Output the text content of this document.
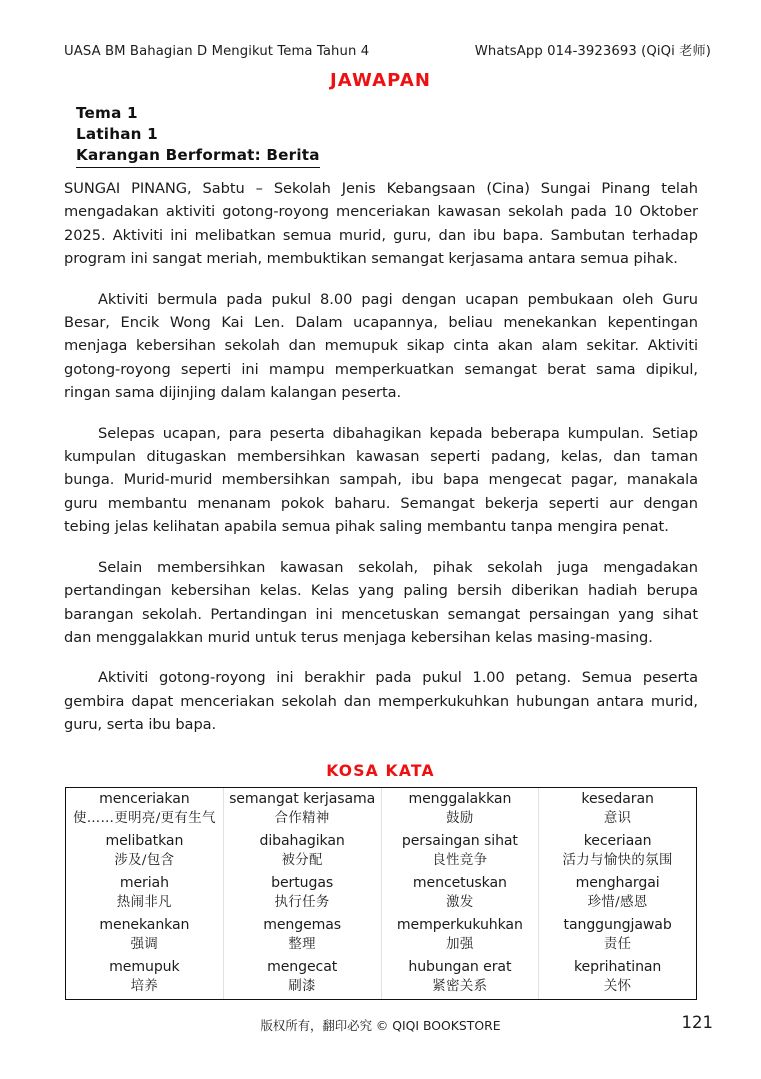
UASA BM Bahagian D Mengikut Tema Tahun 4	WhatsApp 014-3923693 (QiQi 老师)
JAWAPAN
Tema 1
Latihan 1
Karangan Berformat: Berita

SUNGAI PINANG, Sabtu – Sekolah Jenis Kebangsaan (Cina) Sungai Pinang telah mengadakan aktiviti gotong-royong menceriakan kawasan sekolah pada 10 Oktober 2025. Aktiviti ini melibatkan semua murid, guru, dan ibu bapa. Sambutan terhadap program ini sangat meriah, membuktikan semangat kerjasama antara semua pihak.

Aktiviti bermula pada pukul 8.00 pagi dengan ucapan pembukaan oleh Guru Besar, Encik Wong Kai Len. Dalam ucapannya, beliau menekankan kepentingan menjaga kebersihan sekolah dan memupuk sikap cinta akan alam sekitar. Aktiviti gotong-royong seperti ini mampu memperkuatkan semangat berat sama dipikul, ringan sama dijinjing dalam kalangan peserta.

Selepas ucapan, para peserta dibahagikan kepada beberapa kumpulan. Setiap kumpulan ditugaskan membersihkan kawasan seperti padang, kelas, dan taman bunga. Murid-murid membersihkan sampah, ibu bapa mengecat pagar, manakala guru membantu menanam pokok baharu. Semangat bekerja seperti aur dengan tebing jelas kelihatan apabila semua pihak saling membantu tanpa mengira penat.

Selain membersihkan kawasan sekolah, pihak sekolah juga mengadakan pertandingan kebersihan kelas. Kelas yang paling bersih diberikan hadiah berupa barangan sekolah. Pertandingan ini mencetuskan semangat persaingan yang sihat dan menggalakkan murid untuk terus menjaga kebersihan kelas masing-masing.

Aktiviti gotong-royong ini berakhir pada pukul 1.00 petang. Semua peserta gembira dapat menceriakan sekolah dan memperkukuhkan hubungan antara murid, guru, serta ibu bapa.

KOSA KATA
menceriakan
使……更明亮/更有生气
melibatkan
涉及/包含
meriah
热闹非凡
menekankan
强调
memupuk
培养
semangat kerjasama
合作精神
dibahagikan
被分配
bertugas
执行任务
mengemas
整理
mengecat
刷漆
menggalakkan
鼓励
persaingan sihat
良性竞争
mencetuskan
激发
memperkukuhkan
加强
hubungan erat
紧密关系
kesedaran
意识
keceriaan
活力与愉快的氛围
menghargai
珍惜/感恩
tanggungjawab
责任
keprihatinan
关怀
版权所有，翻印必究 © QIQI BOOKSTORE	121
